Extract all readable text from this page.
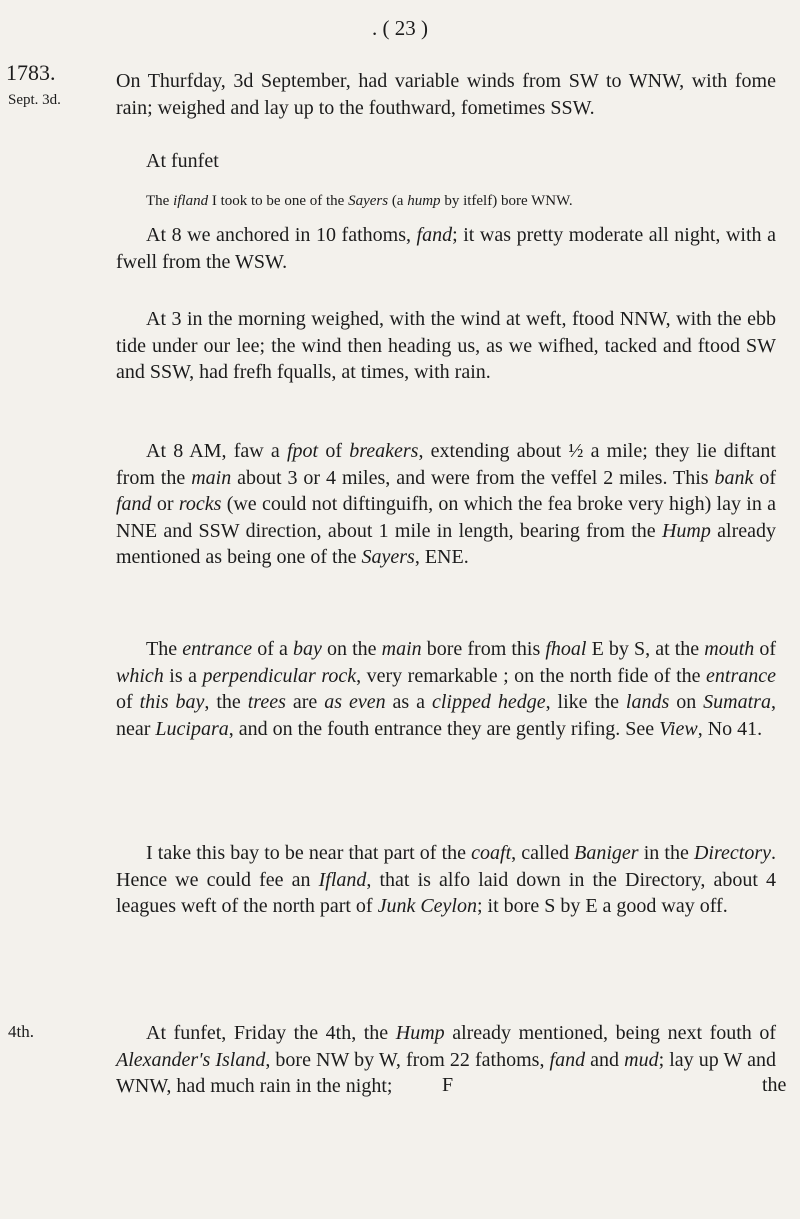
. ( 23 )
1783.
Sept. 3d.

On Thurfday, 3d September, had variable winds from SW to WNW, with fome rain; weighed and lay up to the fouthward, fometimes SSW.

At funfet

The ifland I took to be one of the Sayers (a hump by itfelf) bore WNW.

At 8 we anchored in 10 fathoms, fand; it was pretty moderate all night, with a fwell from the WSW.

At 3 in the morning weighed, with the wind at weft, ftood NNW, with the ebb tide under our lee; the wind then heading us, as we wifhed, tacked and ftood SW and SSW, had frefh fqualls, at times, with rain.

At 8 AM, faw a fpot of breakers, extending about ½ a mile; they lie diftant from the main about 3 or 4 miles, and were from the veffel 2 miles. This bank of fand or rocks (we could not diftinguifh, on which the fea broke very high) lay in a NNE and SSW direction, about 1 mile in length, bearing from the Hump already mentioned as being one of the Sayers, ENE.

The entrance of a bay on the main bore from this fhoal E by S, at the mouth of which is a perpendicular rock, very remarkable ; on the north fide of the entrance of this bay, the trees are as even as a clipped hedge, like the lands on Sumatra, near Lucipara, and on the fouth entrance they are gently rifing. See View, No 41.

I take this bay to be near that part of the coaft, called Baniger in the Directory. Hence we could fee an Ifland, that is alfo laid down in the Directory, about 4 leagues weft of the north part of Junk Ceylon; it bore S by E a good way off.

4th.	At funfet, Friday the 4th, the Hump already mentioned, being next fouth of Alexander's Island, bore NW by W, from 22 fathoms, fand and mud; lay up W and WNW, had much rain in the night;	F	the
